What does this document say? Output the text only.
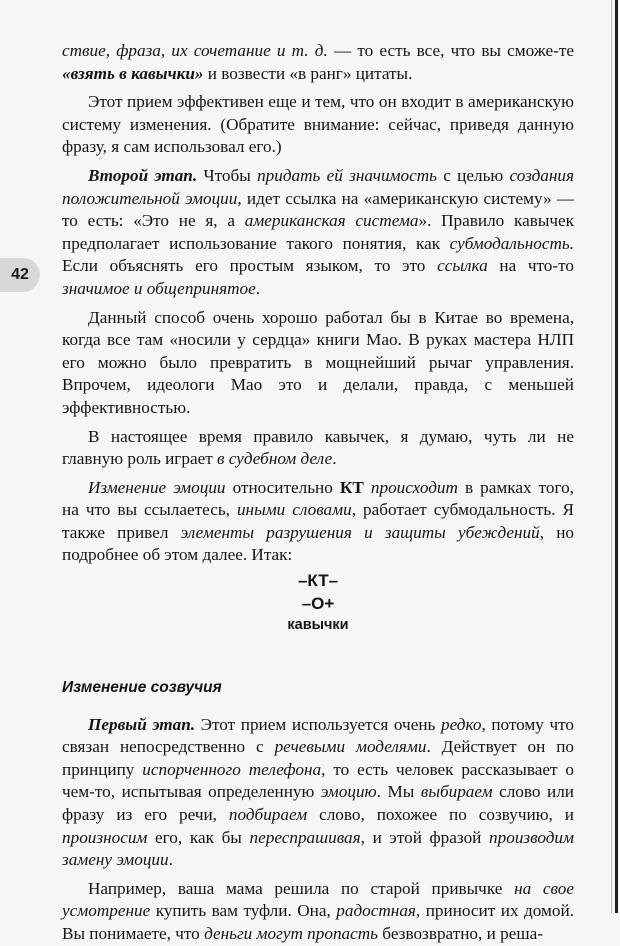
42

ствие, фраза, их сочетание и т. д. — то есть все, что вы сможе-те «взять в кавычки» и возвести «в ранг» цитаты.

Этот прием эффективен еще и тем, что он входит в американскую систему изменения. (Обратите внимание: сейчас, приведя данную фразу, я сам использовал его.)

Второй этап. Чтобы придать ей значимость с целью создания положительной эмоции, идет ссылка на «американскую систему» — то есть: «Это не я, а американская система». Правило кавычек предполагает использование такого понятия, как субмодальность. Если объяснять его простым языком, то это ссылка на что-то значимое и общепринятое.

Данный способ очень хорошо работал бы в Китае во времена, когда все там «носили у сердца» книги Мао. В руках мастера НЛП его можно было превратить в мощнейший рычаг управления. Впрочем, идеологи Мао это и делали, правда, с меньшей эффективностью.

В настоящее время правило кавычек, я думаю, чуть ли не главную роль играет в судебном деле.

Изменение эмоции относительно КТ происходит в рамках того, на что вы ссылаетесь, иными словами, работает субмодальность. Я также привел элементы разрушения и защиты убеждений, но подробнее об этом далее. Итак:

–КТ–
–О+
кавычки
Изменение созвучия

Первый этап. Этот прием используется очень редко, потому что связан непосредственно с речевыми моделями. Действует он по принципу испорченного телефона, то есть человек рассказывает о чем-то, испытывая определенную эмоцию. Мы выбираем слово или фразу из его речи, подбираем слово, похожее по созвучию, и произносим его, как бы переспрашивая, и этой фразой производим замену эмоции.

Например, ваша мама решила по старой привычке на свое усмотрение купить вам туфли. Она, радостная, приносит их домой. Вы понимаете, что деньги могут пропасть безвозвратно, и реша-
